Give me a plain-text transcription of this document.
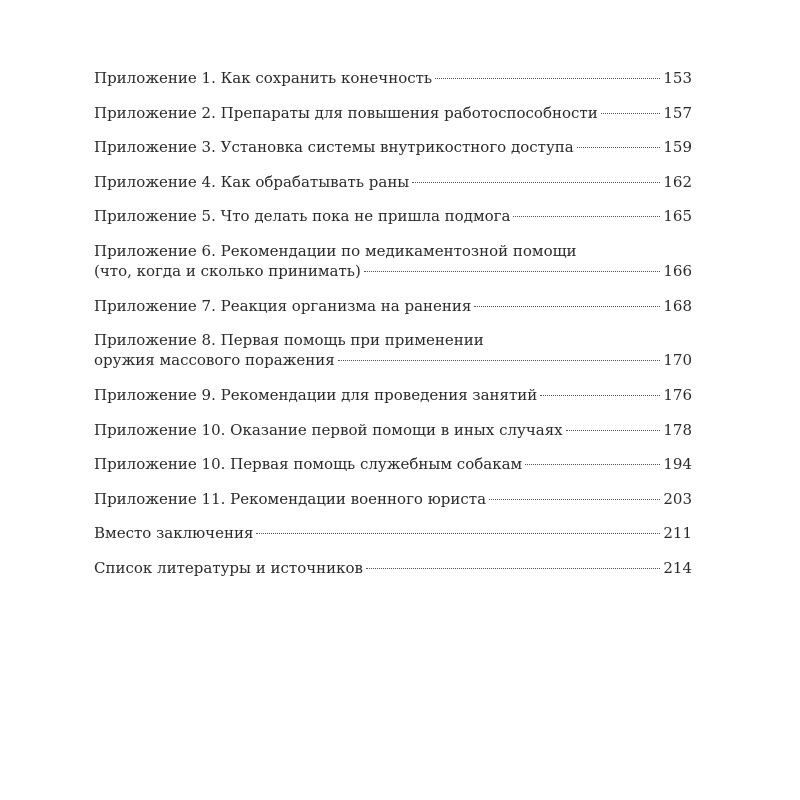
Приложение 1. Как сохранить конечность	153
Приложение 2. Препараты для повышения работоспособности	157
Приложение 3. Установка системы внутрикостного доступа	159
Приложение 4. Как обрабатывать раны	162
Приложение 5. Что делать пока не пришла подмога	165
Приложение 6. Рекомендации по медикаментозной помощи
(что, когда и сколько принимать)	166
Приложение 7. Реакция организма на ранения	168
Приложение 8. Первая помощь при применении
оружия массового поражения	170
Приложение 9. Рекомендации для проведения занятий	176
Приложение 10. Оказание первой помощи в иных случаях	178
Приложение 10. Первая помощь служебным собакам	194
Приложение 11. Рекомендации военного юриста	203
Вместо заключения	211
Список литературы и источников	214
